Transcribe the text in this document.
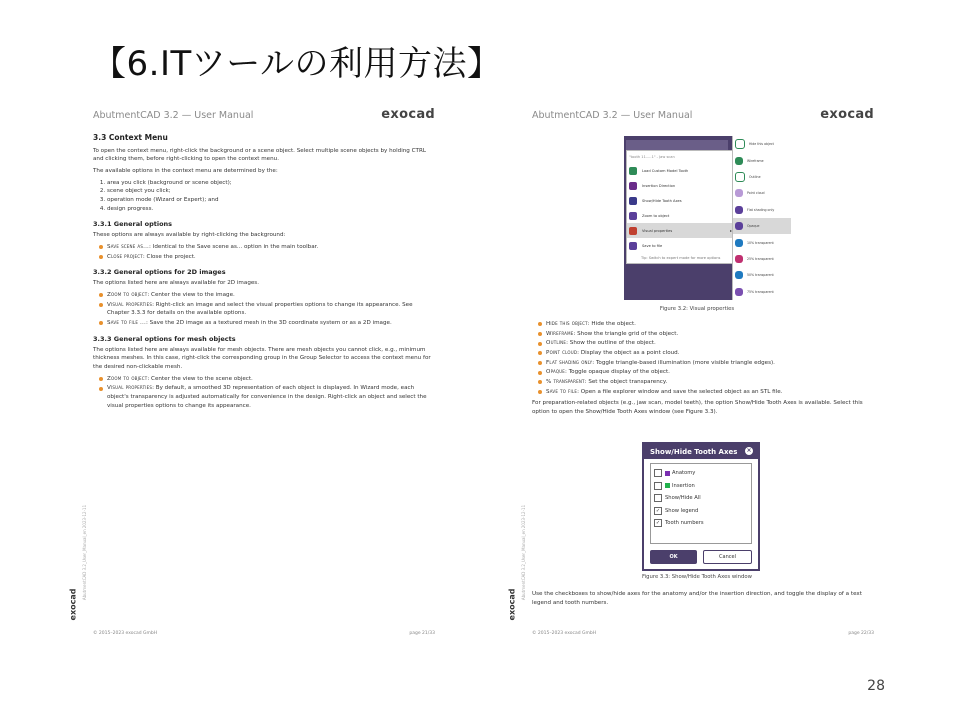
【6.ITツールの利用方法】
AbutmentCAD 3.2 — User Manual	exocad
AbutmentCAD 3.2_User_Manual_en 2023-12-11
exocad
3.3 Context Menu

To open the context menu, right-click the background or a scene object. Select multiple scene objects by holding CTRL and clicking them, before right-clicking to open the context menu.

The available options in the context menu are determined by the:

1. area you click (background or scene object);
2. scene object you click;
3. operation mode (Wizard or Expert); and
4. design progress.
3.3.1 General options

These options are always available by right-clicking the background:

Save scene as...: Identical to the Save scene as... option in the main toolbar.
Close project: Close the project.
3.3.2 General options for 2D images

The options listed here are always available for 2D images.

Zoom to object: Center the view to the image.
Visual properties: Right-click an image and select the visual properties options to change its appearance. See Chapter 3.3.3 for details on the available options.
Save to file ...: Save the 2D image as a textured mesh in the 3D coordinate system or as a 2D image.
3.3.3 General options for mesh objects

The options listed here are always available for mesh objects. There are mesh objects you cannot click, e.g., minimum thickness meshes. In this case, right-click the corresponding group in the Group Selector to access the context menu for the desired non-clickable mesh.

Zoom to object: Center the view to the scene object.
Visual properties: By default, a smoothed 3D representation of each object is displayed. In Wizard mode, each object's transparency is adjusted automatically for convenience in the design. Right-click an object and select the visual properties options to change its appearance.
© 2015–2023 exocad GmbH	page 21/33
AbutmentCAD 3.2 — User Manual	exocad
AbutmentCAD 3.2_User_Manual_en 2023-12-11
exocad
"tooth 11.....1" - Jaw scan
Load Custom Model Tooth
Insertion Direction
Show/Hide Tooth Axes
Zoom to object
Visual properties	▸
Save to file
Tip: Switch to expert mode for more options
Hide this object
Wireframe
Outline
Point cloud
Flat shading only
Opaque
10% transparent
25% transparent
50% transparent
75% transparent
Figure 3.2: Visual properties
Hide this object: Hide the object.
Wireframe: Show the triangle grid of the object.
Outline: Show the outline of the object.
Point cloud: Display the object as a point cloud.
Flat shading only: Toggle triangle-based illumination (more visible triangle edges).
Opaque: Toggle opaque display of the object.
% transparent: Set the object transparency.
Save to file: Open a file explorer window and save the selected object as an STL file.

For preparation-related objects (e.g., jaw scan, model teeth), the option Show/Hide Tooth Axes is available. Select this option to open the Show/Hide Tooth Axes window (see Figure 3.3).

Show/Hide Tooth Axes ×
Anatomy
Insertion
Show/Hide All
✓ Show legend
✓ Tooth numbers
OK	Cancel
Figure 3.3: Show/Hide Tooth Axes window

Use the checkboxes to show/hide axes for the anatomy and/or the insertion direction, and toggle the display of a text legend and tooth numbers.

© 2015–2023 exocad GmbH	page 22/33
28
